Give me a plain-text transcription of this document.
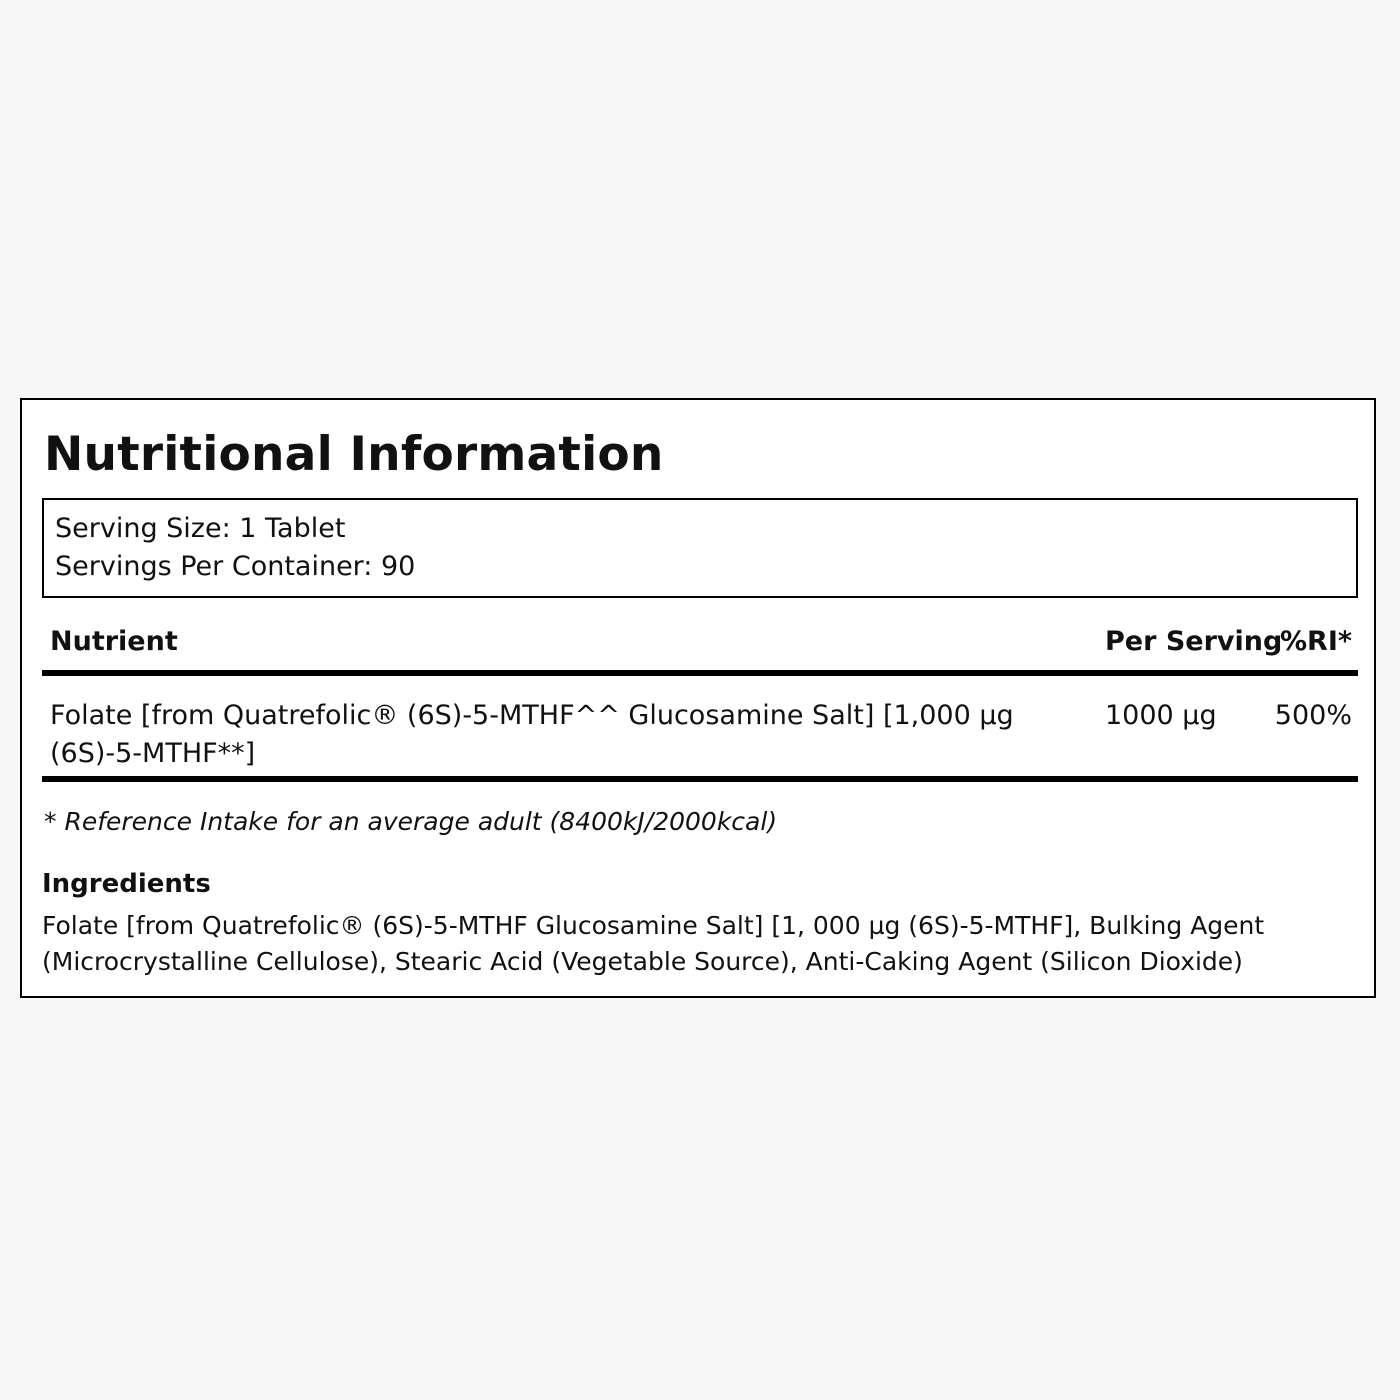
Nutritional Information
Serving Size: 1 Tablet
Servings Per Container: 90
Nutrient	Per Serving
%RI*
Folate [from Quatrefolic® (6S)-5-MTHF^^ Glucosamine Salt] [1,000 µg (6S)-5-MTHF**]
1000 µg 500%
* Reference Intake for an average adult (8400kJ/2000kcal)
Ingredients
Folate [from Quatrefolic® (6S)-5-MTHF Glucosamine Salt] [1, 000 µg (6S)-5-MTHF], Bulking Agent (Microcrystalline Cellulose), Stearic Acid (Vegetable Source), Anti-Caking Agent (Silicon Dioxide)
